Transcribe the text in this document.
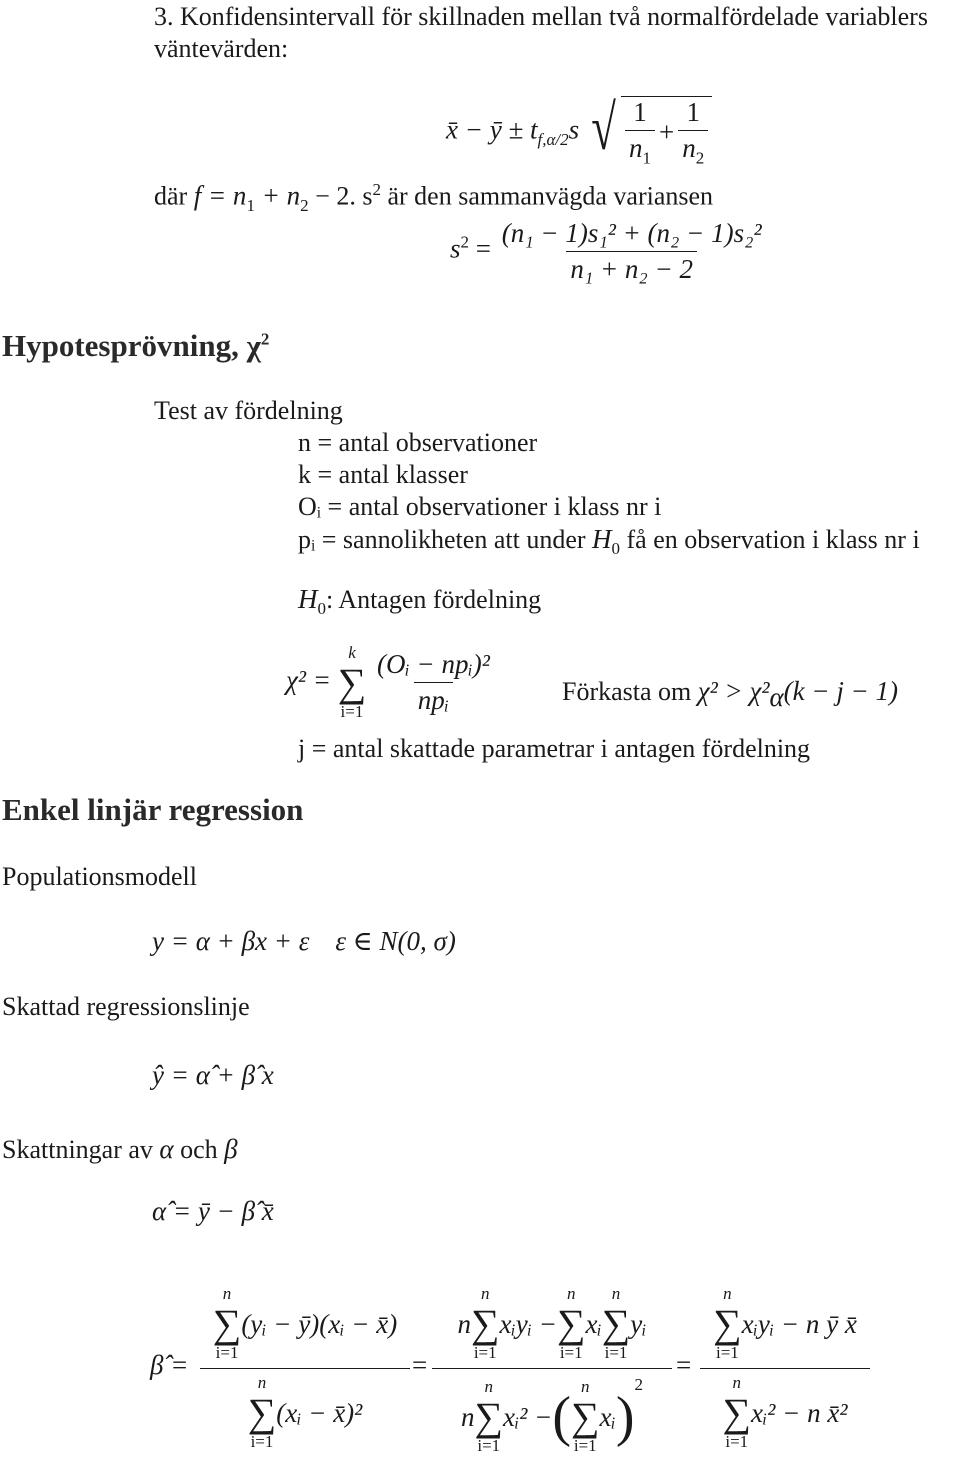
3. Konfidensintervall för skillnaden mellan två normalfördelade variablers
väntevärden:
x̄ − ȳ ± $t_{f,\alpha/2}s$ √ $\frac{1}{n_1} + \frac{1}{n_2}$
där $f = n_1 + n_2 - 2$. $s^2$ är den sammanvägda variansen
$s^2 = \frac{\text{(n₁ − 1)s₁² + (n₂ − 1)s₂²}}{\text{n₁ + n₂ − 2}}$
Hypotesprövning, $\chi^2$
Test av fördelning
n = antal observationer
k = antal klasser
Oᵢ = antal observationer i klass nr i
pᵢ = sannolikheten att under $H_0$ få en observation i klass nr i
$H_0$: Antagen fördelning
χ² =
k
∑
i=1
$\frac{\text{(Oᵢ − npᵢ)²}}{\text{npᵢ}}$	Förkasta om $\chi^2 > \chi^2_\alpha(k - j - 1)$
j = antal skattade parametrar i antagen fördelning
Enkel linjär regression
Populationsmodell
y = α + βx + ε ε ∈ N(0, σ)
Skattad regressionslinje
ŷ = α̂ + β̂ x
Skattningar av α och β
α̂ = ȳ − β̂ x̄
β̂ =
n
∑
i=1
(yᵢ − ȳ)(xᵢ − x̄)
n
∑
i=1
(xᵢ − x̄)²
=
n
n
∑
i=1
xᵢyᵢ −
n
∑
i=1
xᵢ
n
∑
i=1
yᵢ
n
n
∑
i=1
xᵢ² − ( n
∑
i=1
xᵢ )
$^2$
=
n
∑
i=1
xᵢyᵢ − n ȳ x̄
n
∑
i=1
xᵢ² − n x̄²
